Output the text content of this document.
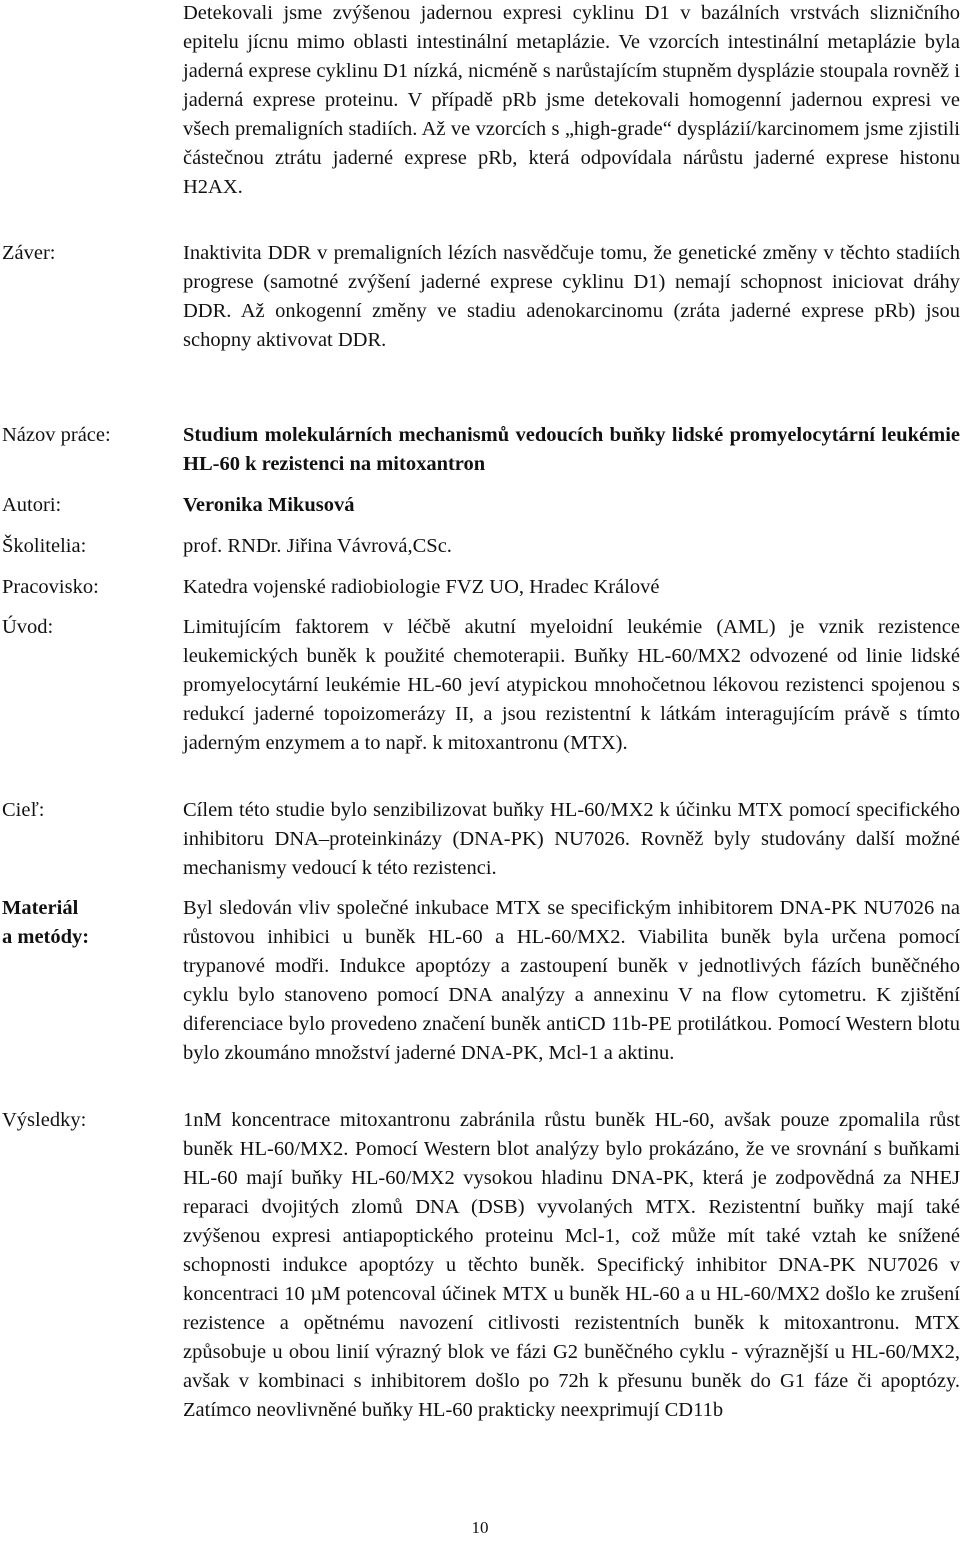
Detekovali jsme zvýšenou jadernou expresi cyklinu D1 v bazálních vrstvách slizničního epitelu jícnu mimo oblasti intestinální metaplázie. Ve vzorcích intestinální metaplázie byla jaderná exprese cyklinu D1 nízká, nicméně s narůstajícím stupněm dysplázie stoupala rovněž i jaderná exprese proteinu. V případě pRb jsme detekovali homogenní jadernou expresi ve všech premaligních stadiích. Až ve vzorcích s „high-grade“ dysplázií/karcinomem jsme zjistili částečnou ztrátu jaderné exprese pRb, která odpovídala nárůstu jaderné exprese histonu H2AX.

Záver:	Inaktivita DDR v premaligních lézích nasvědčuje tomu, že genetické změny v těchto stadiích progrese (samotné zvýšení jaderné exprese cyklinu D1) nemají schopnost iniciovat dráhy DDR. Až onkogenní změny ve stadiu adenokarcinomu (zráta jaderné exprese pRb) jsou schopny aktivovat DDR.

Názov práce:	Studium molekulárních mechanismů vedoucích buňky lidské promyelocytární leukémie HL-60 k rezistenci na mitoxantron

Autori:	Veronika Mikusová

Školitelia:	prof. RNDr. Jiřina Vávrová,CSc.

Pracovisko:	Katedra vojenské radiobiologie FVZ UO, Hradec Králové

Úvod:	Limitujícím faktorem v léčbě akutní myeloidní leukémie (AML) je vznik rezistence leukemických buněk k použité chemoterapii. Buňky HL-60/MX2 odvozené od linie lidské promyelocytární leukémie HL-60 jeví atypickou mnohočetnou lékovou rezistenci spojenou s redukcí jaderné topoizomerázy II, a jsou rezistentní k látkám interagujícím právě s tímto jaderným enzymem a to např. k mitoxantronu (MTX).

Cieľ:	Cílem této studie bylo senzibilizovat buňky HL-60/MX2 k účinku MTX pomocí specifického inhibitoru DNA–proteinkinázy (DNA-PK) NU7026. Rovněž byly studovány další možné mechanismy vedoucí k této rezistenci.

Materiál
a metódy:

Byl sledován vliv společné inkubace MTX se specifickým inhibitorem DNA-PK NU7026 na růstovou inhibici u buněk HL-60 a HL-60/MX2. Viabilita buněk byla určena pomocí trypanové modři. Indukce apoptózy a zastoupení buněk v jednotlivých fázích buněčného cyklu bylo stanoveno pomocí DNA analýzy a annexinu V na flow cytometru. K zjištění diferenciace bylo provedeno značení buněk antiCD 11b-PE protilátkou. Pomocí Western blotu bylo zkoumáno množství jaderné DNA-PK, Mcl-1 a aktinu.

Výsledky:	1nM koncentrace mitoxantronu zabránila růstu buněk HL-60, avšak pouze zpomalila růst buněk HL-60/MX2. Pomocí Western blot analýzy bylo prokázáno, že ve srovnání s buňkami HL-60 mají buňky HL-60/MX2 vysokou hladinu DNA-PK, která je zodpovědná za NHEJ reparaci dvojitých zlomů DNA (DSB) vyvolaných MTX. Rezistentní buňky mají také zvýšenou expresi antiapoptického proteinu Mcl-1, což může mít také vztah ke snížené schopnosti indukce apoptózy u těchto buněk. Specifický inhibitor DNA-PK NU7026 v koncentraci 10 µM potencoval účinek MTX u buněk HL-60 a u HL-60/MX2 došlo ke zrušení rezistence a opětnému navození citlivosti rezistentních buněk k mitoxantronu. MTX způsobuje u obou linií výrazný blok ve fázi G2 buněčného cyklu - výraznější u HL-60/MX2, avšak v kombinaci s inhibitorem došlo po 72h k přesunu buněk do G1 fáze či apoptózy. Zatímco neovlivněné buňky HL-60 prakticky neexprimují CD11b

10
